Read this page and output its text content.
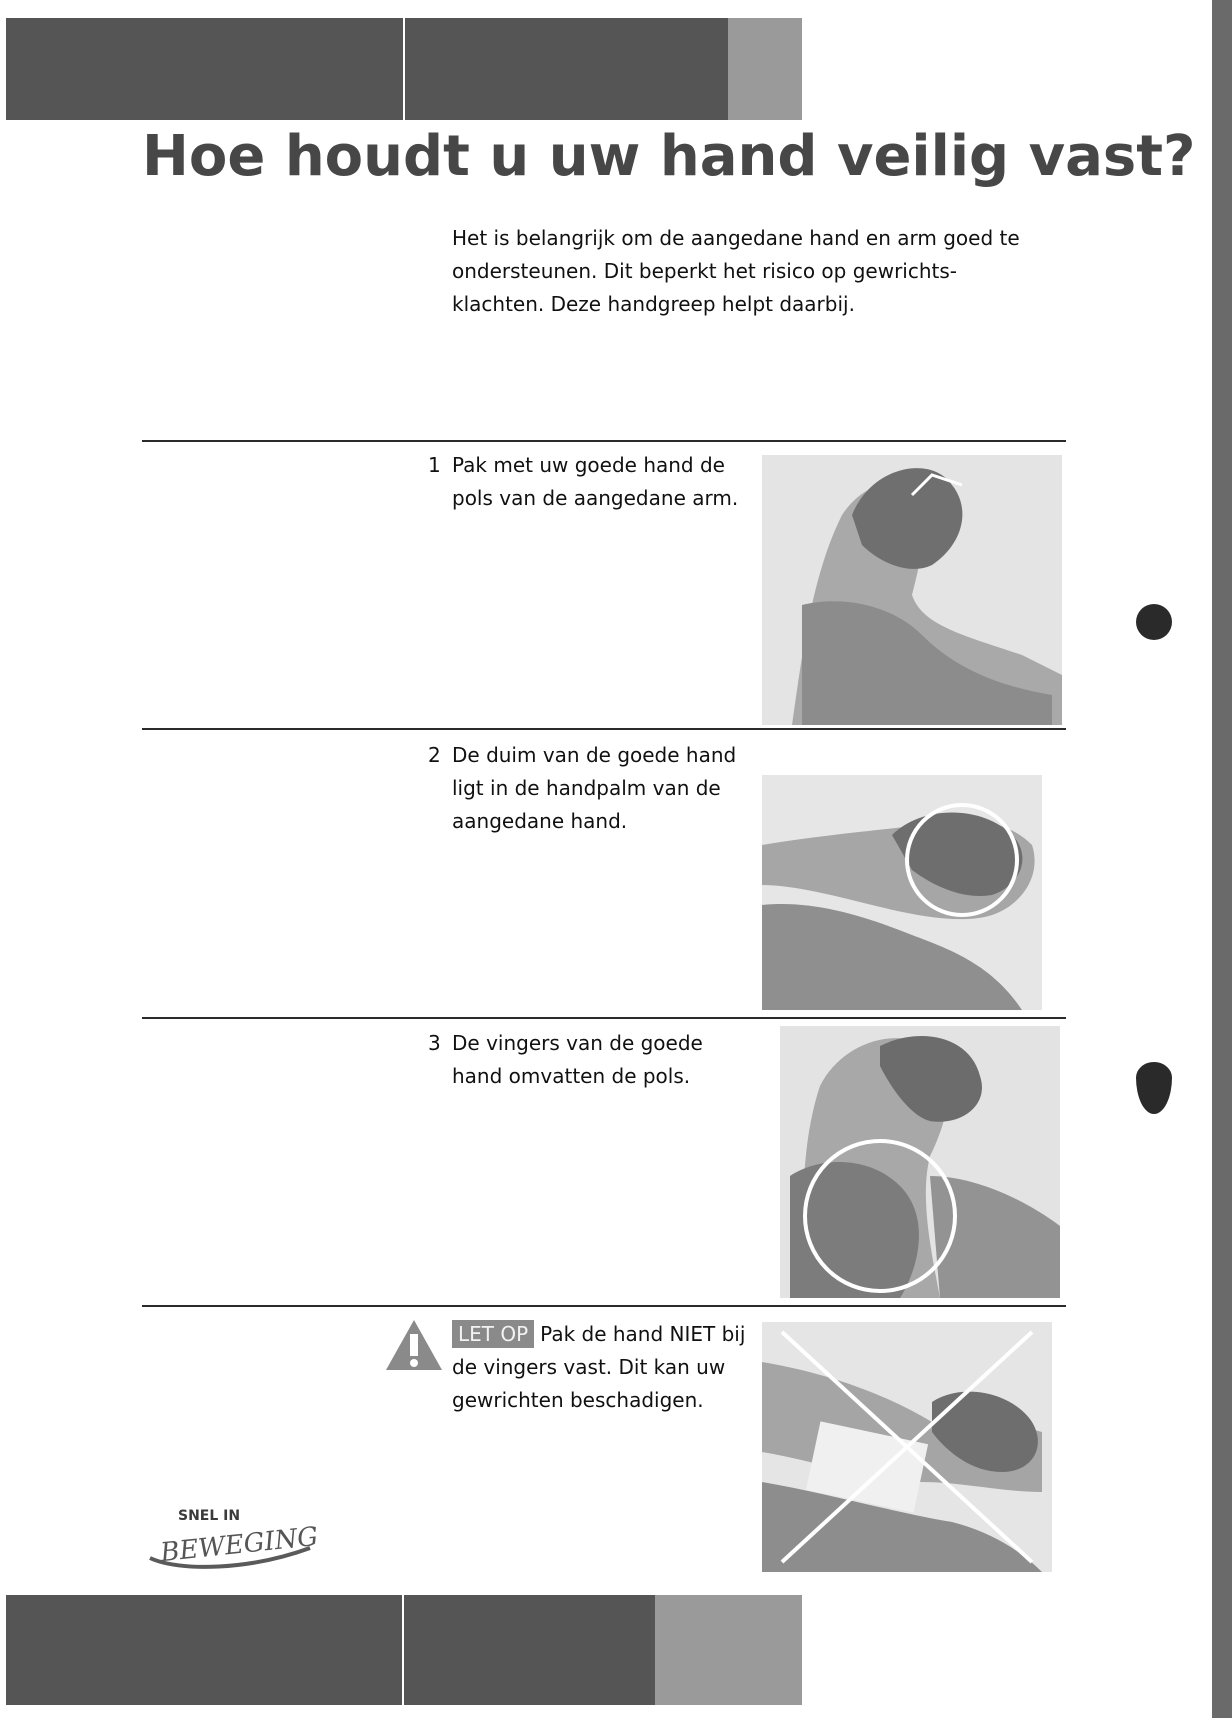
Hoe houdt u uw hand veilig vast?

Het is belangrijk om de aangedane hand en arm goed te ondersteunen. Dit beperkt het risico op gewrichts- klachten. Deze handgreep helpt daarbij.

1 Pak met uw goede hand de pols van de aangedane arm.
2 De duim van de goede hand ligt in de handpalm van de aangedane hand.
3 De vingers van de goede hand omvatten de pols.
LET OP Pak de hand NIET bij de vingers vast. Dit kan uw gewrichten beschadigen.
SNEL IN
BEWEGING
